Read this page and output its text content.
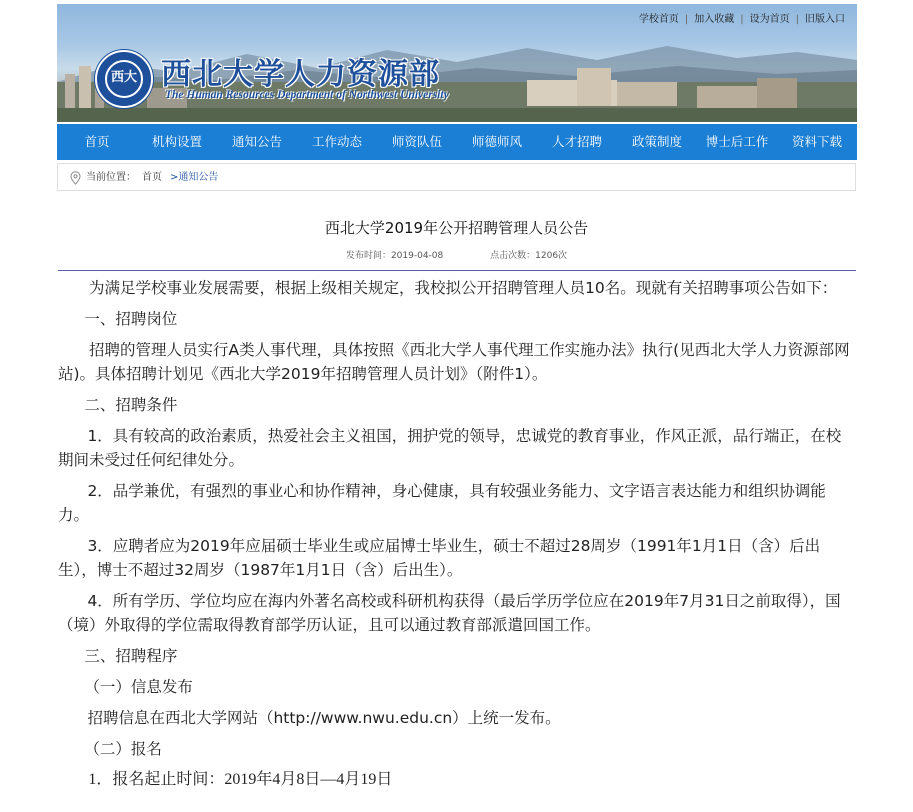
学校首页 | 加入收藏 | 设为首页 | 旧版入口
西大 西北大学人力资源部
The Human Resources Department of Northwest University
首页	机构设置	通知公告	工作动态	师资队伍	师德师风	人才招聘	政策制度	博士后工作	资料下载
当前位置： 首页 >通知公告
西北大学2019年公开招聘管理人员公告
发布时间：2019-04-08	点击次数：1206次

为满足学校事业发展需要，根据上级相关规定，我校拟公开招聘管理人员10名。现就有关招聘事项公告如下：

一、招聘岗位

招聘的管理人员实行A类人事代理，具体按照《西北大学人事代理工作实施办法》执行(见西北大学人力资源部网站)。具体招聘计划见《西北大学2019年招聘管理人员计划》（附件1）。

二、招聘条件

1．具有较高的政治素质，热爱社会主义祖国，拥护党的领导，忠诚党的教育事业，作风正派，品行端正，在校期间未受过任何纪律处分。

2．品学兼优，有强烈的事业心和协作精神，身心健康，具有较强业务能力、文字语言表达能力和组织协调能力。

3．应聘者应为2019年应届硕士毕业生或应届博士毕业生，硕士不超过28周岁（1991年1月1日（含）后出生），博士不超过32周岁（1987年1月1日（含）后出生）。

4．所有学历、学位均应在海内外著名高校或科研机构获得（最后学历学位应在2019年7月31日之前取得），国（境）外取得的学位需取得教育部学历认证，且可以通过教育部派遣回国工作。

三、招聘程序

（一）信息发布

招聘信息在西北大学网站（http://www.nwu.edu.cn）上统一发布。

（二）报名

1．报名起止时间：2019年4月8日—4月19日
